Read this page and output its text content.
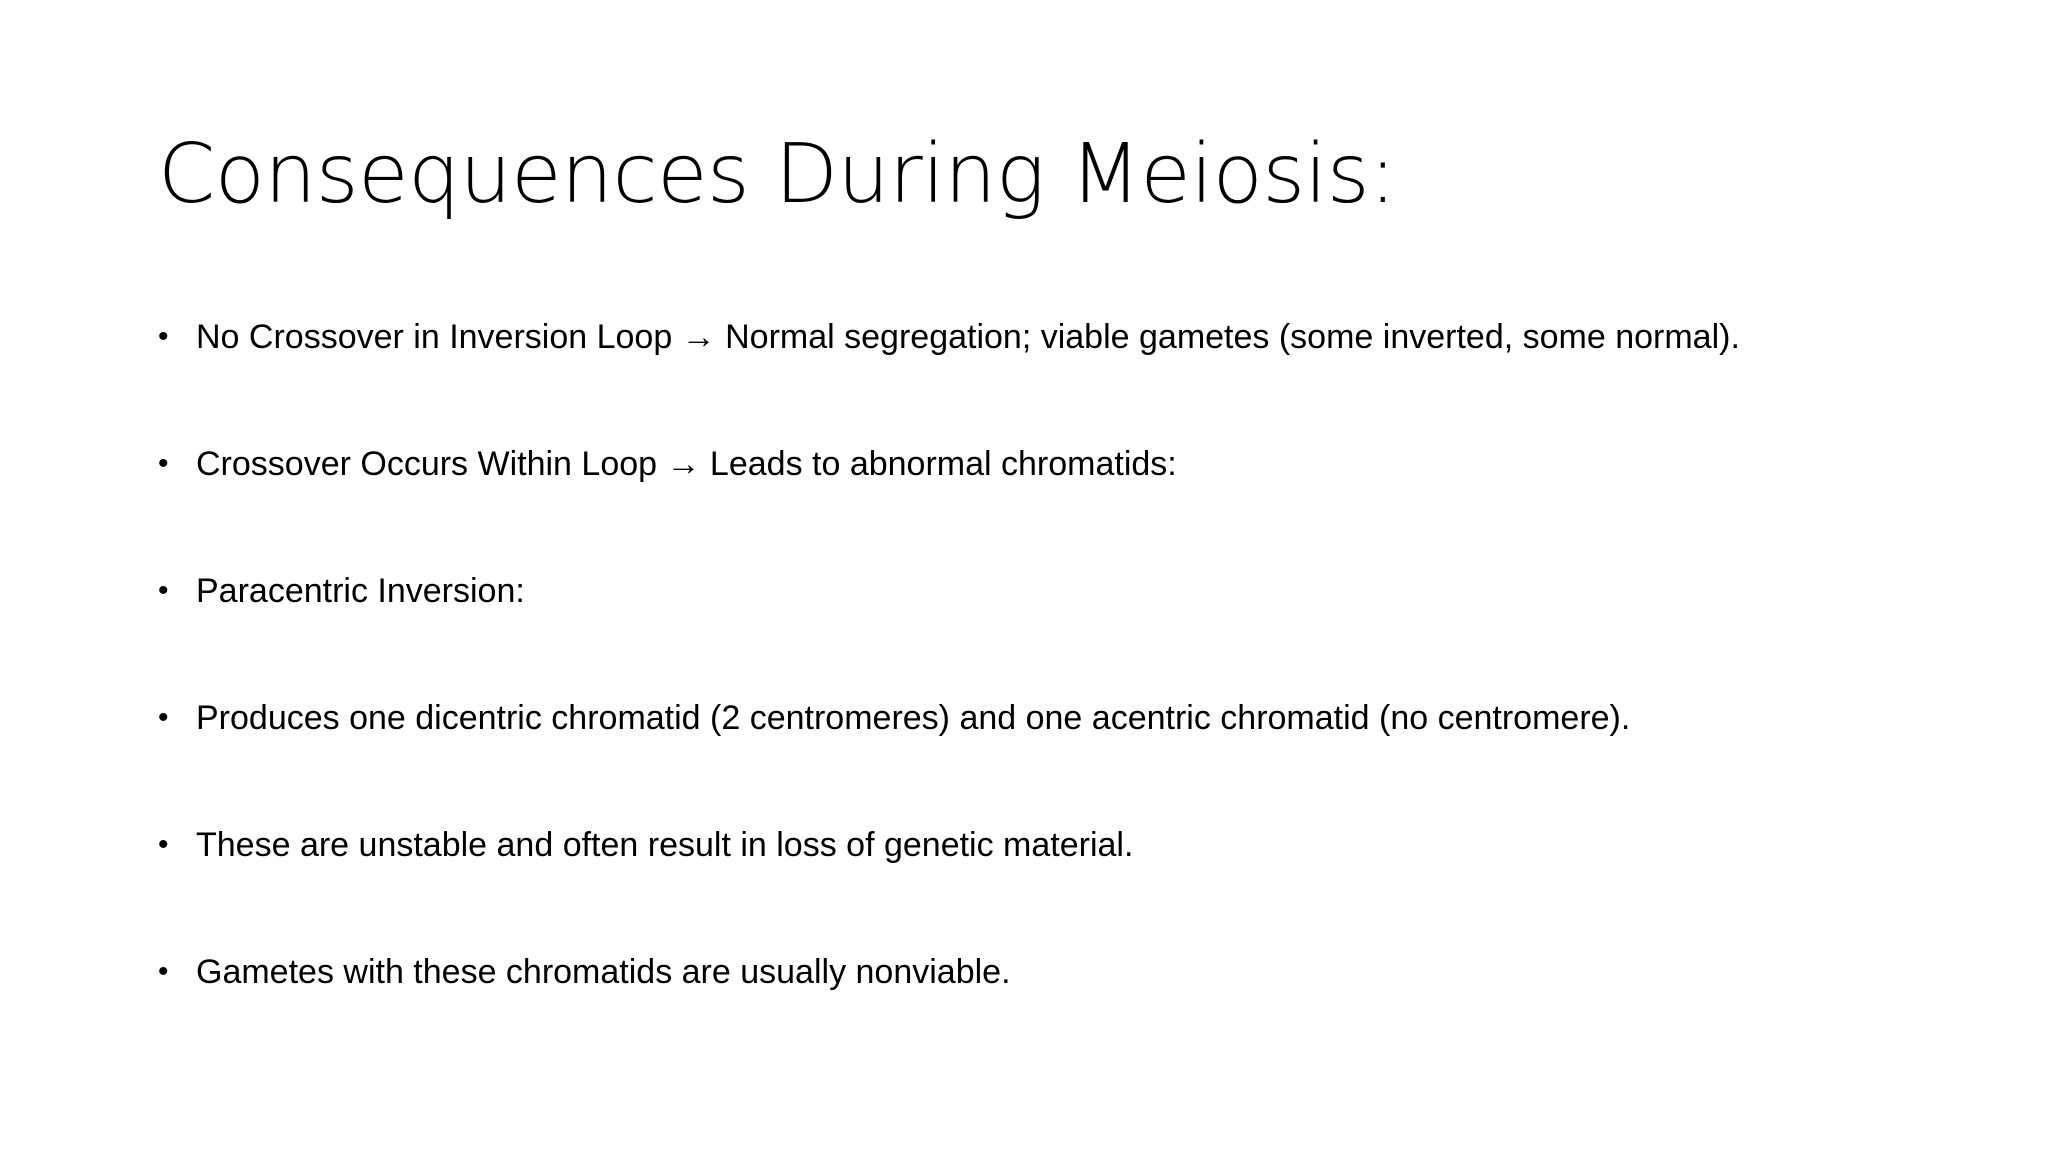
Consequences During Meiosis:
• No Crossover in Inversion Loop → Normal segregation; viable gametes (some inverted, some normal).
• Crossover Occurs Within Loop → Leads to abnormal chromatids:
• Paracentric Inversion:
• Produces one dicentric chromatid (2 centromeres) and one acentric chromatid (no centromere).
• These are unstable and often result in loss of genetic material.
• Gametes with these chromatids are usually nonviable.
